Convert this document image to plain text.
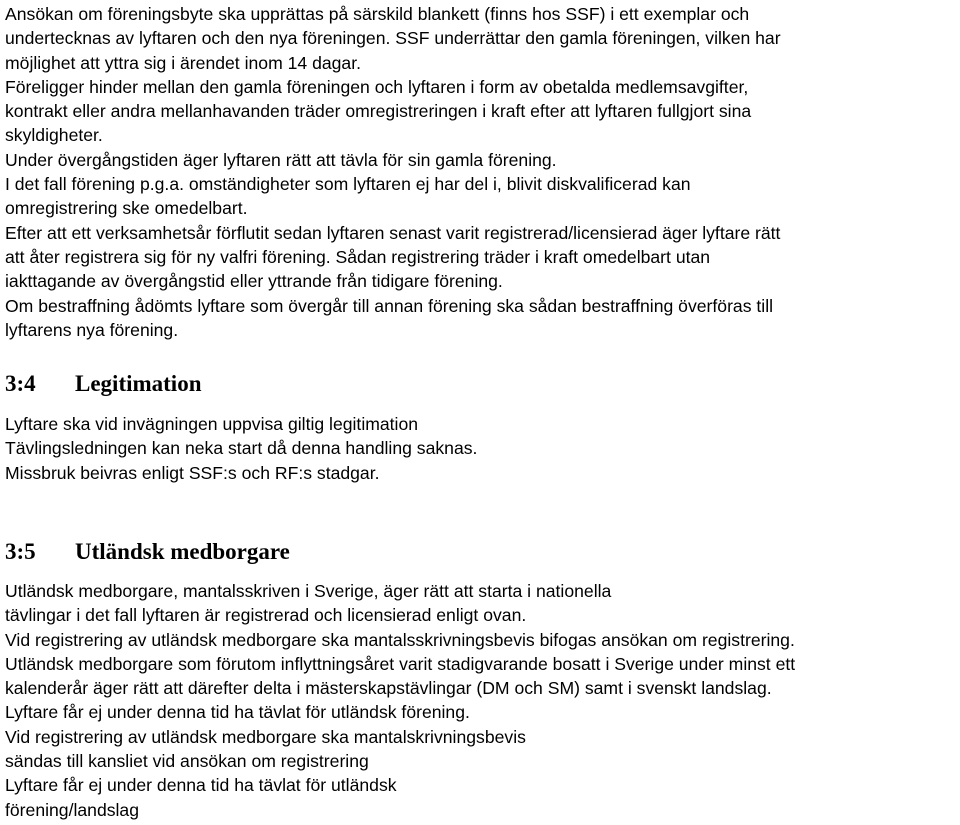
Ansökan om föreningsbyte ska upprättas på särskild blankett (finns hos SSF) i ett exemplar och
undertecknas av lyftaren och den nya föreningen. SSF underrättar den gamla föreningen, vilken har
möjlighet att yttra sig i ärendet inom 14 dagar.

Föreligger hinder mellan den gamla föreningen och lyftaren i form av obetalda medlemsavgifter,
kontrakt eller andra mellanhavanden träder omregistreringen i kraft efter att lyftaren fullgjort sina
skyldigheter.

Under övergångstiden äger lyftaren rätt att tävla för sin gamla förening.

I det fall förening p.g.a. omständigheter som lyftaren ej har del i, blivit diskvalificerad kan
omregistrering ske omedelbart.

Efter att ett verksamhetsår förflutit sedan lyftaren senast varit registrerad/licensierad äger lyftare rätt
att åter registrera sig för ny valfri förening. Sådan registrering träder i kraft omedelbart utan
iakttagande av övergångstid eller yttrande från tidigare förening.

Om bestraffning ådömts lyftare som övergår till annan förening ska sådan bestraffning överföras till
lyftarens nya förening.

3:4 Legitimation

Lyftare ska vid invägningen uppvisa giltig legitimation

Tävlingsledningen kan neka start då denna handling saknas.

Missbruk beivras enligt SSF:s och RF:s stadgar.

3:5 Utländsk medborgare

Utländsk medborgare, mantalsskriven i Sverige, äger rätt att starta i nationella
tävlingar i det fall lyftaren är registrerad och licensierad enligt ovan.

Vid registrering av utländsk medborgare ska mantalsskrivningsbevis bifogas ansökan om registrering.

Utländsk medborgare som förutom inflyttningsåret varit stadigvarande bosatt i Sverige under minst ett
kalenderår äger rätt att därefter delta i mästerskapstävlingar (DM och SM) samt i svenskt landslag.

Lyftare får ej under denna tid ha tävlat för utländsk förening.

Vid registrering av utländsk medborgare ska mantalskrivningsbevis
sändas till kansliet vid ansökan om registrering

Lyftare får ej under denna tid ha tävlat för utländsk
förening/landslag
